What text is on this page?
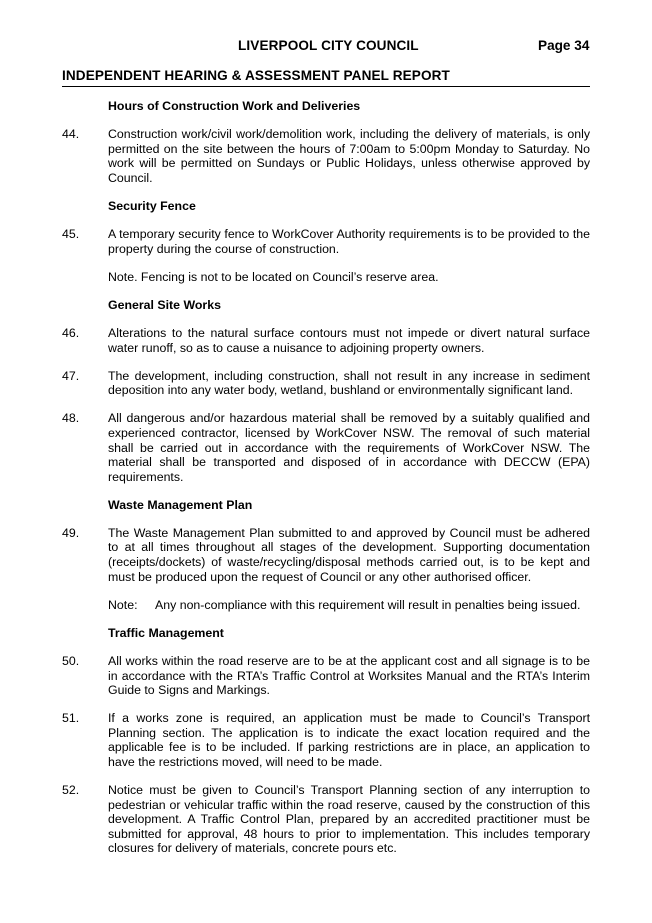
LIVERPOOL CITY COUNCIL	Page 34
INDEPENDENT HEARING & ASSESSMENT PANEL REPORT
Hours of Construction Work and Deliveries
44.	Construction work/civil work/demolition work, including the delivery of materials, is only permitted on the site between the hours of 7:00am to 5:00pm Monday to Saturday. No work will be permitted on Sundays or Public Holidays, unless otherwise approved by Council.
Security Fence
45.	A temporary security fence to WorkCover Authority requirements is to be provided to the property during the course of construction.
Note. Fencing is not to be located on Council’s reserve area.
General Site Works
46.	Alterations to the natural surface contours must not impede or divert natural surface water runoff, so as to cause a nuisance to adjoining property owners.
47.	The development, including construction, shall not result in any increase in sediment deposition into any water body, wetland, bushland or environmentally significant land.
48.	All dangerous and/or hazardous material shall be removed by a suitably qualified and experienced contractor, licensed by WorkCover NSW. The removal of such material shall be carried out in accordance with the requirements of WorkCover NSW. The material shall be transported and disposed of in accordance with DECCW (EPA) requirements.
Waste Management Plan
49.	The Waste Management Plan submitted to and approved by Council must be adhered to at all times throughout all stages of the development. Supporting documentation (receipts/dockets) of waste/recycling/disposal methods carried out, is to be kept and must be produced upon the request of Council or any other authorised officer.
Note:	Any non-compliance with this requirement will result in penalties being issued.
Traffic Management
50.	All works within the road reserve are to be at the applicant cost and all signage is to be in accordance with the RTA’s Traffic Control at Worksites Manual and the RTA’s Interim Guide to Signs and Markings.
51.	If a works zone is required, an application must be made to Council’s Transport Planning section. The application is to indicate the exact location required and the applicable fee is to be included. If parking restrictions are in place, an application to have the restrictions moved, will need to be made.
52.	Notice must be given to Council’s Transport Planning section of any interruption to pedestrian or vehicular traffic within the road reserve, caused by the construction of this development. A Traffic Control Plan, prepared by an accredited practitioner must be submitted for approval, 48 hours to prior to implementation. This includes temporary closures for delivery of materials, concrete pours etc.
